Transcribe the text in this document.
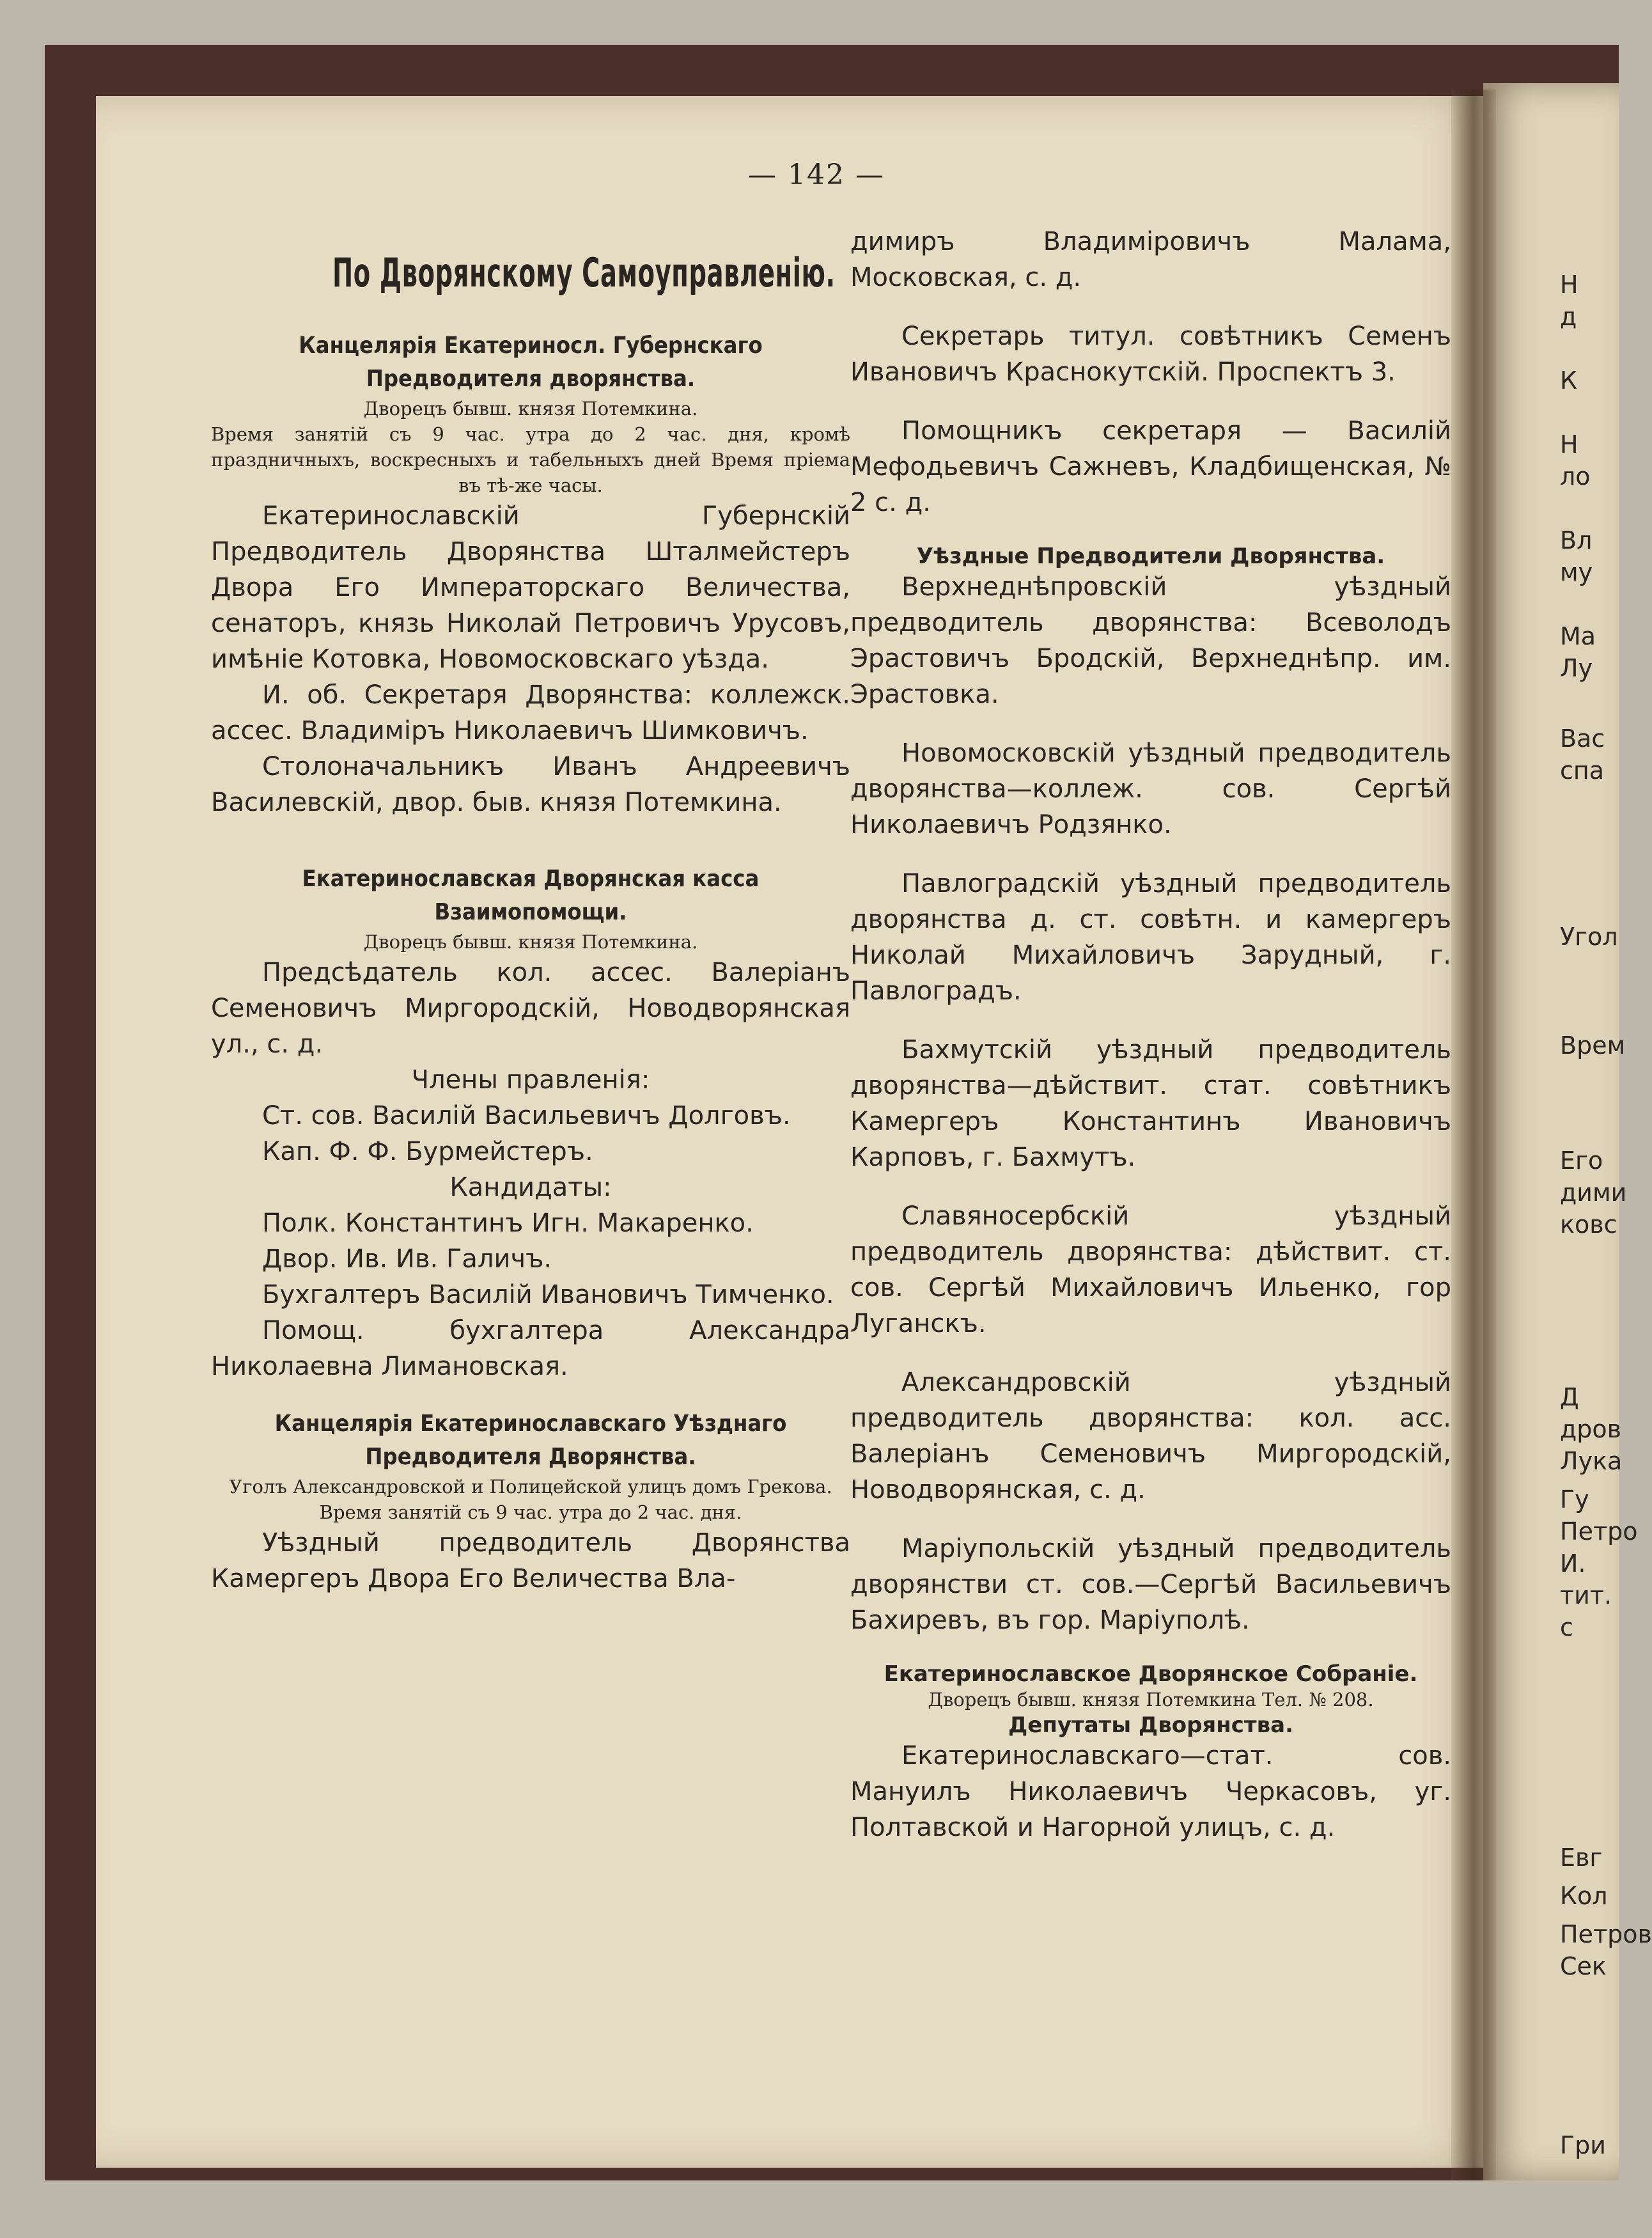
— 142 —
По Дворянскому Самоуправленію.

Канцелярія Екатериносл. Губернскаго Предводителя дворянства.

Дворецъ бывш. князя Потемкина.

Время занятій съ 9 час. утра до 2 час. дня, кромѣ праздничныхъ, воскресныхъ и табельныхъ дней Время пріема въ тѣ-же часы.

Екатеринославскій Губернскій Предводитель Дворянства Шталмейстеръ Двора Его Императорскаго Величества, сенаторъ, князь Николай Петровичъ Урусовъ, имѣніе Котовка, Новомосковскаго уѣзда.

И. об. Секретаря Дворянства: коллежск. ассес. Владиміръ Николаевичъ Шимковичъ.

Столоначальникъ Иванъ Андреевичъ Василевскій, двор. быв. князя Потемкина.

Екатеринославская Дворянская касса Взаимопомощи.

Дворецъ бывш. князя Потемкина.

Предсѣдатель кол. ассес. Валеріанъ Семеновичъ Миргородскій, Новодворянская ул., с. д.

Члены правленія:

Ст. сов. Василій Васильевичъ Долговъ.

Кап. Ф. Ф. Бурмейстеръ.

Кандидаты:

Полк. Константинъ Игн. Макаренко.

Двор. Ив. Ив. Галичъ.

Бухгалтеръ Василій Ивановичъ Тимченко.

Помощ. бухгалтера Александра Николаевна Лимановская.

Канцелярія Екатеринославскаго Уѣзднаго Предводителя Дворянства.

Уголъ Александровской и Полицейской улицъ домъ Грекова.

Время занятій съ 9 час. утра до 2 час. дня.

Уѣздный предводитель Дворянства Камергеръ Двора Его Величества Вла-

димиръ Владиміровичъ Малама, Московская, с. д.

Секретарь титул. совѣтникъ Семенъ Ивановичъ Краснокутскій. Проспектъ 3.

Помощникъ секретаря — Василій Мефодьевичъ Сажневъ, Кладбищенская, № 2 с. д.

Уѣздные Предводители Дворянства.

Верхнеднѣпровскій уѣздный предводитель дворянства: Всеволодъ Эрастовичъ Бродскій, Верхнеднѣпр. им. Эрастовка.

Новомосковскій уѣздный предводитель дворянства—коллеж. сов. Сергѣй Николаевичъ Родзянко.

Павлоградскій уѣздный предводитель дворянства д. ст. совѣтн. и камергеръ Николай Михайловичъ Зарудный, г. Павлоградъ.

Бахмутскій уѣздный предводитель дворянства—дѣйствит. стат. совѣтникъ Камергеръ Константинъ Ивановичъ Карповъ, г. Бахмутъ.

Славяносербскій уѣздный предводитель дворянства: дѣйствит. ст. сов. Сергѣй Михайловичъ Ильенко, гор Луганскъ.

Александровскій уѣздный предводитель дворянства: кол. асс. Валеріанъ Семеновичъ Миргородскій, Новодворянская, с. д.

Маріупольскій уѣздный предводитель дворянстви ст. сов.—Сергѣй Васильевичъ Бахиревъ, въ гор. Маріуполѣ.

Екатеринославское Дворянское Собраніе.

Дворецъ бывш. князя Потемкина Тел. № 208.

Депутаты Дворянства.

Екатеринославскаго—стат. сов. Мануилъ Николаевичъ Черкасовъ, уг. Полтавской и Нагорной улицъ, с. д.

Н
д
К
Н
ло
Вл
му
Ма
Лу
Вас
спа
Угол
Врем
Его
дими
ковс
Д
дров
Лука
Гу
Петро
И.
тит. с
Евг
Кол
Петров
Сек
Гри
